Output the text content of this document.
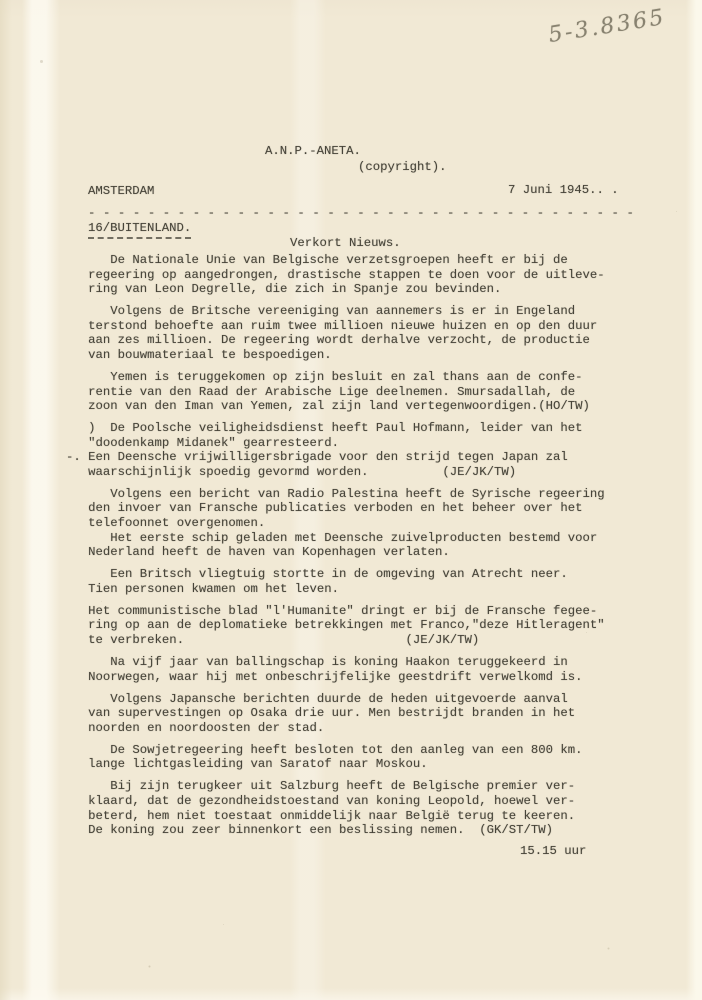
5-3.8365
A.N.P.-ANETA.
(copyright).
AMSTERDAM	7 Juni 1945.. .
- - - - - - - - - - - - - - - - - - - - - - - - - - - - - - - - - - - - -
16/BUITENLAND.
Verkort Nieuws.
De Nationale Unie van Belgische verzetsgroepen heeft er bij de
regeering op aangedrongen, drastische stappen te doen voor de uitleve-
ring van Leon Degrelle, die zich in Spanje zou bevinden.
Volgens de Britsche vereeniging van aannemers is er in Engeland
terstond behoefte aan ruim twee millioen nieuwe huizen en op den duur
aan zes millioen. De regeering wordt derhalve verzocht, de productie
van bouwmateriaal te bespoedigen.
Yemen is teruggekomen op zijn besluit en zal thans aan de confe-
rentie van den Raad der Arabische Lige deelnemen. Smursadallah, de
zoon van den Iman van Yemen, zal zijn land vertegenwoordigen.(HO/TW)
)  De Poolsche veiligheidsdienst heeft Paul Hofmann, leider van het
"doodenkamp Midanek" gearresteerd.
-. Een Deensche vrijwilligersbrigade voor den strijd tegen Japan zal
waarschijnlijk spoedig gevormd worden.          (JE/JK/TW)
Volgens een bericht van Radio Palestina heeft de Syrische regeering
den invoer van Fransche publicaties verboden en het beheer over het
telefoonnet overgenomen.
Het eerste schip geladen met Deensche zuivelproducten bestemd voor
Nederland heeft de haven van Kopenhagen verlaten.
Een Britsch vliegtuig stortte in de omgeving van Atrecht neer.
Tien personen kwamen om het leven.
Het communistische blad "l'Humanite" dringt er bij de Fransche fegee-
ring op aan de deplomatieke betrekkingen met Franco,"deze Hitleragent"
te verbreken.                              (JE/JK/TW)
Na vijf jaar van ballingschap is koning Haakon teruggekeerd in
Noorwegen, waar hij met onbeschrijfelijke geestdrift verwelkomd is.
Volgens Japansche berichten duurde de heden uitgevoerde aanval
van supervestingen op Osaka drie uur. Men bestrijdt branden in het
noorden en noordoosten der stad.
De Sowjetregeering heeft besloten tot den aanleg van een 800 km.
lange lichtgasleiding van Saratof naar Moskou.
Bij zijn terugkeer uit Salzburg heeft de Belgische premier ver-
klaard, dat de gezondheidstoestand van koning Leopold, hoewel ver-
beterd, hem niet toestaat onmiddelijk naar België terug te keeren.
De koning zou zeer binnenkort een beslissing nemen.  (GK/ST/TW)
15.15 uur
